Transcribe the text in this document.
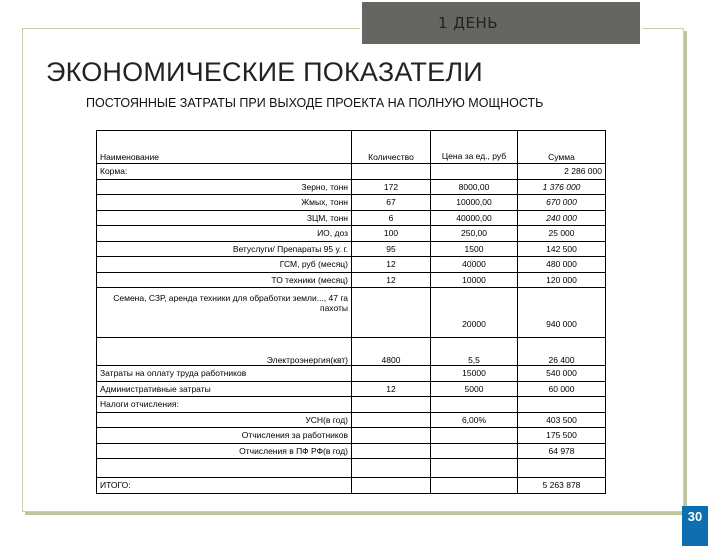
1 ДЕНЬ
ЭКОНОМИЧЕСКИЕ ПОКАЗАТЕЛИ
ПОСТОЯННЫЕ ЗАТРАТЫ ПРИ ВЫХОДЕ ПРОЕКТА НА ПОЛНУЮ МОЩНОСТЬ
Наименование	Количество	Цена за ед., руб	Сумма
Корма:			2 286 000
Зерно, тонн	172	8000,00	1 376 000
Жмых, тонн	67	10000,00	670 000
ЗЦМ, тонн	6	40000,00	240 000
ИО, доз	100	250,00	25 000
Ветуслуги/ Препараты 95 у. г.	95	1500	142 500
ГСМ, руб (месяц)	12	40000	480 000
ТО техники (месяц)	12	10000	120 000
Семена, СЗР, аренда техники для обработки земли..., 47 га пахоты		20000	940 000
Электроэнергия(квт)	4800	5,5	26 400
Затраты на оплату труда работников		15000	540 000
Административные затраты	12	5000	60 000
Налоги отчисления:			
УСН(в год)		6,00%	403 500
Отчисления за работников			175 500
Отчисления в ПФ РФ(в год)			64 978

ИТОГО:			5 263 878
30
